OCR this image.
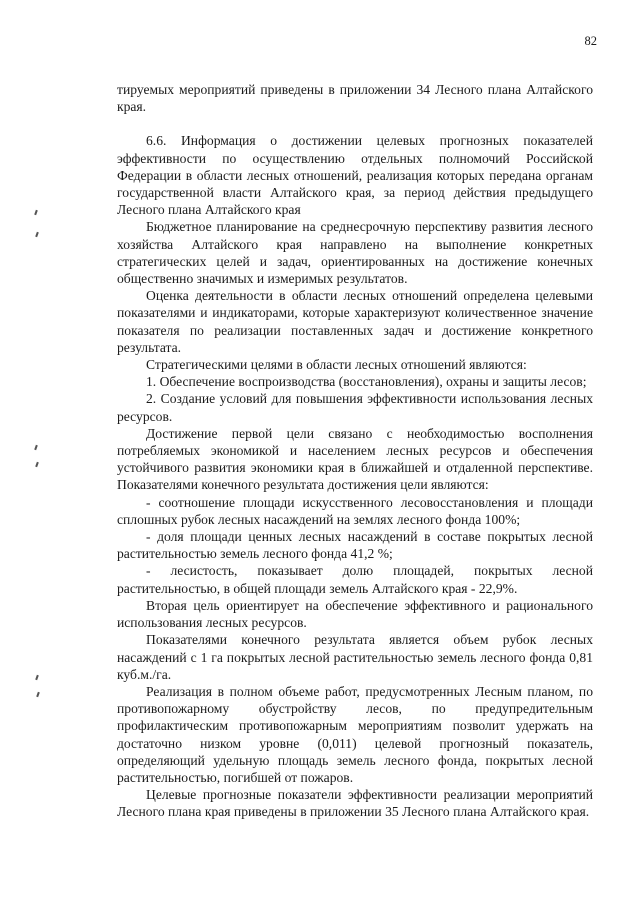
82

тируемых мероприятий приведены в приложении 34 Лесного плана Алтайского края.

6.6. Информация о достижении целевых прогнозных показателей эффективности по осуществлению отдельных полномочий Российской Федерации в области лесных отношений, реализация которых передана органам государственной власти Алтайского края, за период действия предыдущего Лесного плана Алтайского края

Бюджетное планирование на среднесрочную перспективу развития лесного хозяйства Алтайского края направлено на выполнение конкретных стратегических целей и задач, ориентированных на достижение конечных общественно значимых и измеримых результатов.

Оценка деятельности в области лесных отношений определена целевыми показателями и индикаторами, которые характеризуют количественное значение показателя по реализации поставленных задач и достижение конкретного результата.

Стратегическими целями в области лесных отношений являются:

1. Обеспечение воспроизводства (восстановления), охраны и защиты лесов;

2. Создание условий для повышения эффективности использования лесных ресурсов.

Достижение первой цели связано с необходимостью восполнения потребляемых экономикой и населением лесных ресурсов и обеспечения устойчивого развития экономики края в ближайшей и отдаленной перспективе. Показателями конечного результата достижения цели являются:

- соотношение площади искусственного лесовосстановления и площади сплошных рубок лесных насаждений на землях лесного фонда 100%;

- доля площади ценных лесных насаждений в составе покрытых лесной растительностью земель лесного фонда 41,2 %;

- лесистость, показывает долю площадей, покрытых лесной растительностью, в общей площади земель Алтайского края - 22,9%.

Вторая цель ориентирует на обеспечение эффективного и рационального использования лесных ресурсов.

Показателями конечного результата является объем рубок лесных насаждений с 1 га покрытых лесной растительностью земель лесного фонда 0,81 куб.м./га.

Реализация в полном объеме работ, предусмотренных Лесным планом, по противопожарному обустройству лесов, по предупредительным профилактическим противопожарным мероприятиям позволит удержать на достаточно низком уровне (0,011) целевой прогнозный показатель, определяющий удельную площадь земель лесного фонда, покрытых лесной растительностью, погибшей от пожаров.

Целевые прогнозные показатели эффективности реализации мероприятий Лесного плана края приведены в приложении 35 Лесного плана Алтайского края.
